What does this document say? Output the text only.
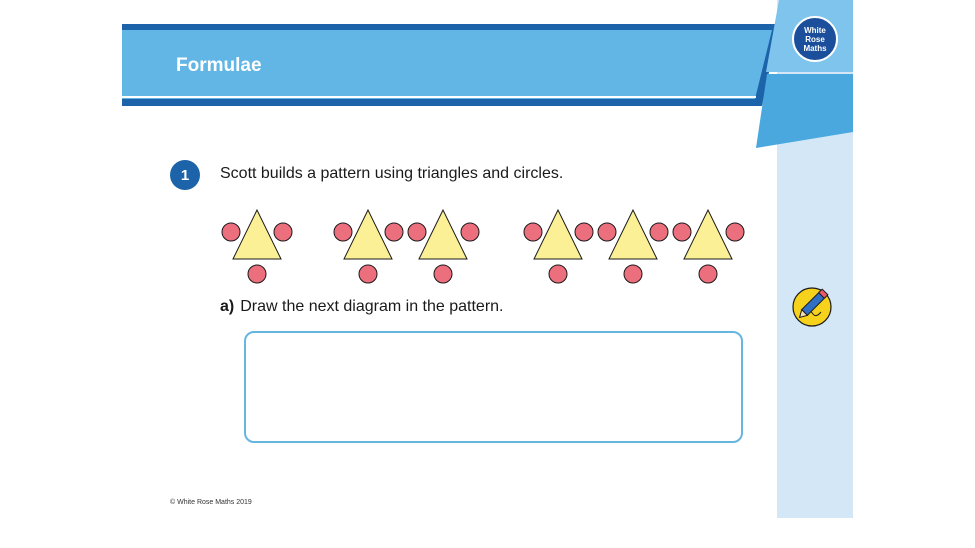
Formulae
White
Rose
Maths
1	Scott builds a pattern using triangles and circles.
a) Draw the next diagram in the pattern.
© White Rose Maths 2019
